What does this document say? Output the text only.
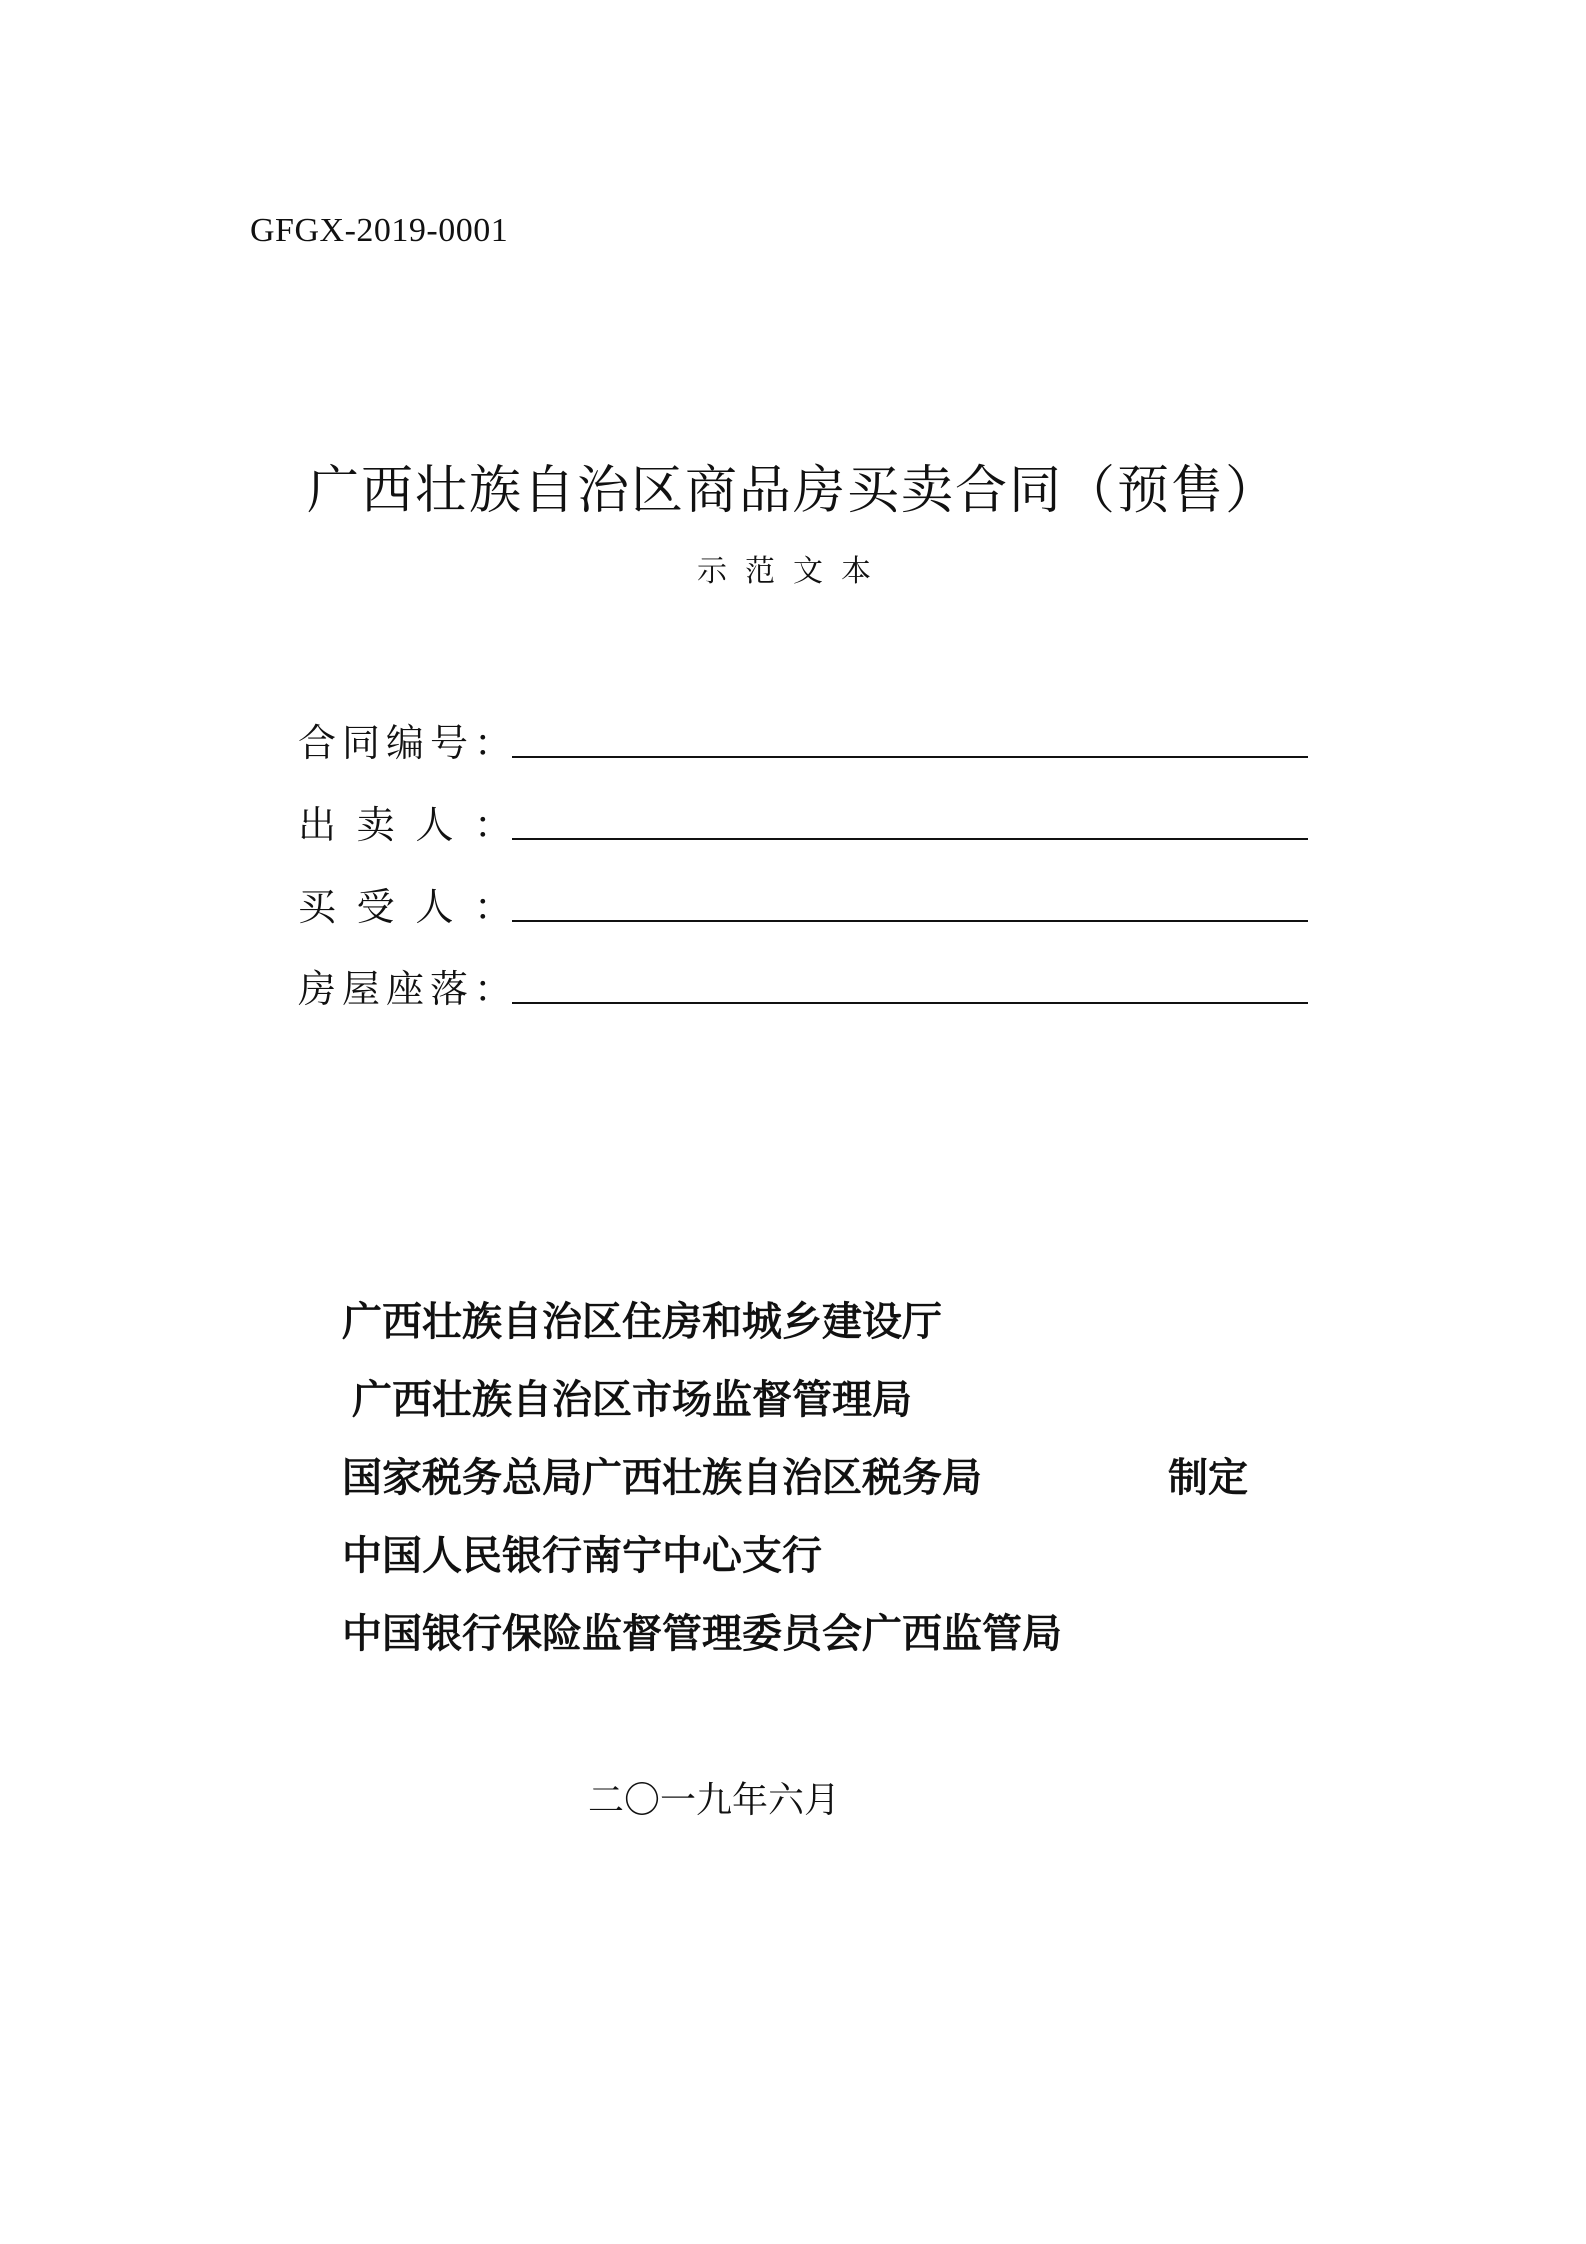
GFGX-2019-0001
广西壮族自治区商品房买卖合同（预售）
示范文本
合 同 编 号 ：
出 卖 人 ：
买 受 人 ：
房 屋 座 落 ：
广西壮族自治区住房和城乡建设厅
广西壮族自治区市场监督管理局
国家税务总局广西壮族自治区税务局
中国人民银行南宁中心支行
中国银行保险监督管理委员会广西监管局
制定
二〇一九年六月
